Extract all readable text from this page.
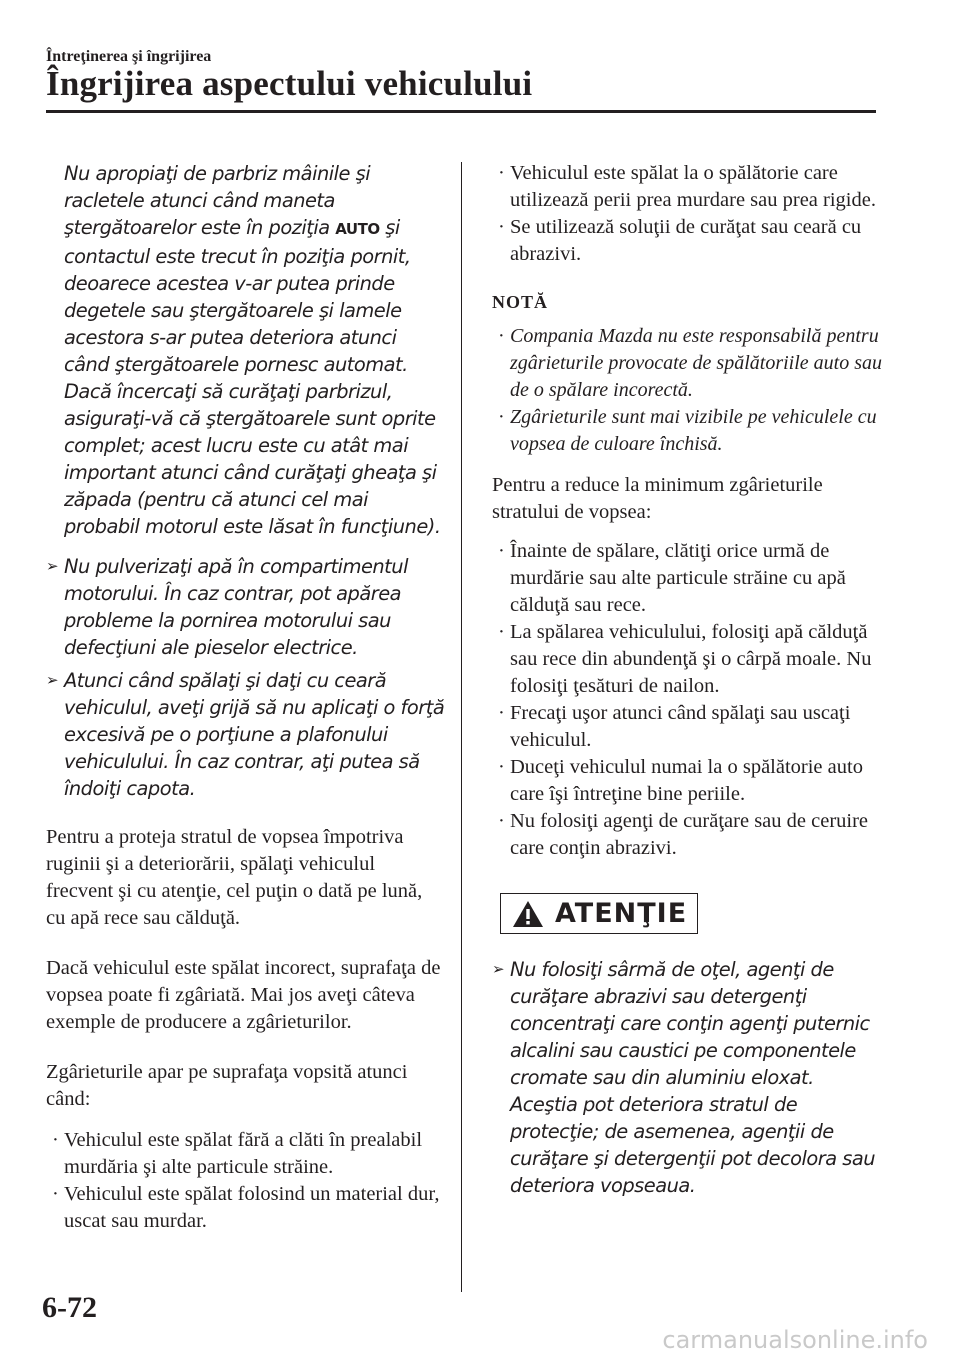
Întreţinerea şi îngrijirea
Îngrijirea aspectului vehiculului

Nu apropiaţi de parbriz mâinile şi racletele atunci când maneta ştergătoarelor este în poziţia AUTO şi contactul este trecut în poziţia pornit, deoarece acestea v-ar putea prinde degetele sau ştergătoarele şi lamele acestora s-ar putea deteriora atunci când ştergătoarele pornesc automat. Dacă încercaţi să curăţaţi parbrizul, asiguraţi-vă că ştergătoarele sunt oprite complet; acest lucru este cu atât mai important atunci când curăţaţi gheaţa şi zăpada (pentru că atunci cel mai probabil motorul este lăsat în funcţiune).

➢ Nu pulverizaţi apă în compartimentul motorului. În caz contrar, pot apărea probleme la pornirea motorului sau defecţiuni ale pieselor electrice.
➢ Atunci când spălaţi şi daţi cu ceară vehiculul, aveţi grijă să nu aplicaţi o forţă excesivă pe o porţiune a plafonului vehiculului. În caz contrar, aţi putea să îndoiţi capota.

Pentru a proteja stratul de vopsea împotriva ruginii şi a deteriorării, spălaţi vehiculul frecvent şi cu atenţie, cel puţin o dată pe lună, cu apă rece sau călduţă.

Dacă vehiculul este spălat incorect, suprafaţa de vopsea poate fi zgâriată. Mai jos aveţi câteva exemple de producere a zgârieturilor.

Zgârieturile apar pe suprafaţa vopsită atunci când:

· Vehiculul este spălat fără a clăti în prealabil murdăria şi alte particule străine.
· Vehiculul este spălat folosind un material dur, uscat sau murdar.
· Vehiculul este spălat la o spălătorie care utilizează perii prea murdare sau prea rigide.
· Se utilizează soluţii de curăţat sau ceară cu abrazivi.
NOTĂ
· Compania Mazda nu este responsabilă pentru zgârieturile provocate de spălătoriile auto sau de o spălare incorectă.
· Zgârieturile sunt mai vizibile pe vehiculele cu vopsea de culoare închisă.

Pentru a reduce la minimum zgârieturile stratului de vopsea:

· Înainte de spălare, clătiţi orice urmă de murdărie sau alte particule străine cu apă călduţă sau rece.
· La spălarea vehiculului, folosiţi apă călduţă sau rece din abundenţă şi o cârpă moale. Nu folosiţi ţesături de nailon.
· Frecaţi uşor atunci când spălaţi sau uscaţi vehiculul.
· Duceţi vehiculul numai la o spălătorie auto care îşi întreţine bine periile.
· Nu folosiţi agenţi de curăţare sau de ceruire care conţin abrazivi.
ATENŢIE
➢ Nu folosiţi sârmă de oţel, agenţi de curăţare abrazivi sau detergenţi concentraţi care conţin agenţi puternic alcalini sau caustici pe componentele cromate sau din aluminiu eloxat. Aceştia pot deteriora stratul de protecţie; de asemenea, agenţii de curăţare şi detergenţii pot decolora sau deteriora vopseaua.
6-72
carmanualsonline.info
